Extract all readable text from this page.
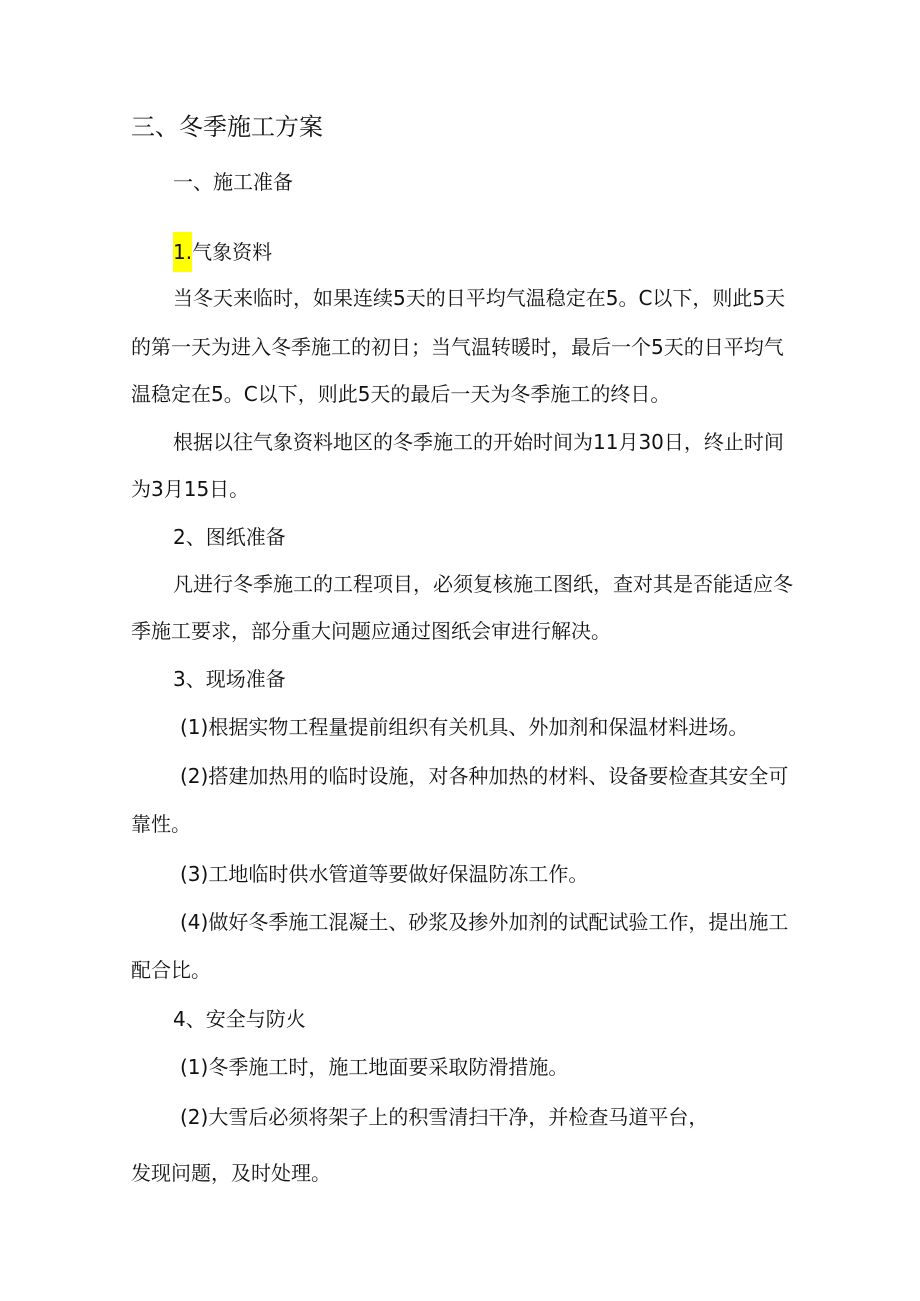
三、冬季施工方案
一、施工准备
1.气象资料
当冬天来临时，如果连续5天的日平均气温稳定在5。C以下，则此5天
的第一天为进入冬季施工的初日；当气温转暖时，最后一个5天的日平均气
温稳定在5。C以下，则此5天的最后一天为冬季施工的终日。
根据以往气象资料地区的冬季施工的开始时间为11月30日，终止时间
为3月15日。
2、图纸准备
凡进行冬季施工的工程项目，必须复核施工图纸，查对其是否能适应冬
季施工要求，部分重大问题应通过图纸会审进行解决。
3、现场准备
(1)根据实物工程量提前组织有关机具、外加剂和保温材料进场。
(2)搭建加热用的临时设施，对各种加热的材料、设备要检查其安全可
靠性。
(3)工地临时供水管道等要做好保温防冻工作。
(4)做好冬季施工混凝土、砂浆及掺外加剂的试配试验工作，提出施工
配合比。
4、安全与防火
(1)冬季施工时，施工地面要采取防滑措施。
(2)大雪后必须将架子上的积雪清扫干净，并检查马道平台，
发现问题，及时处理。
